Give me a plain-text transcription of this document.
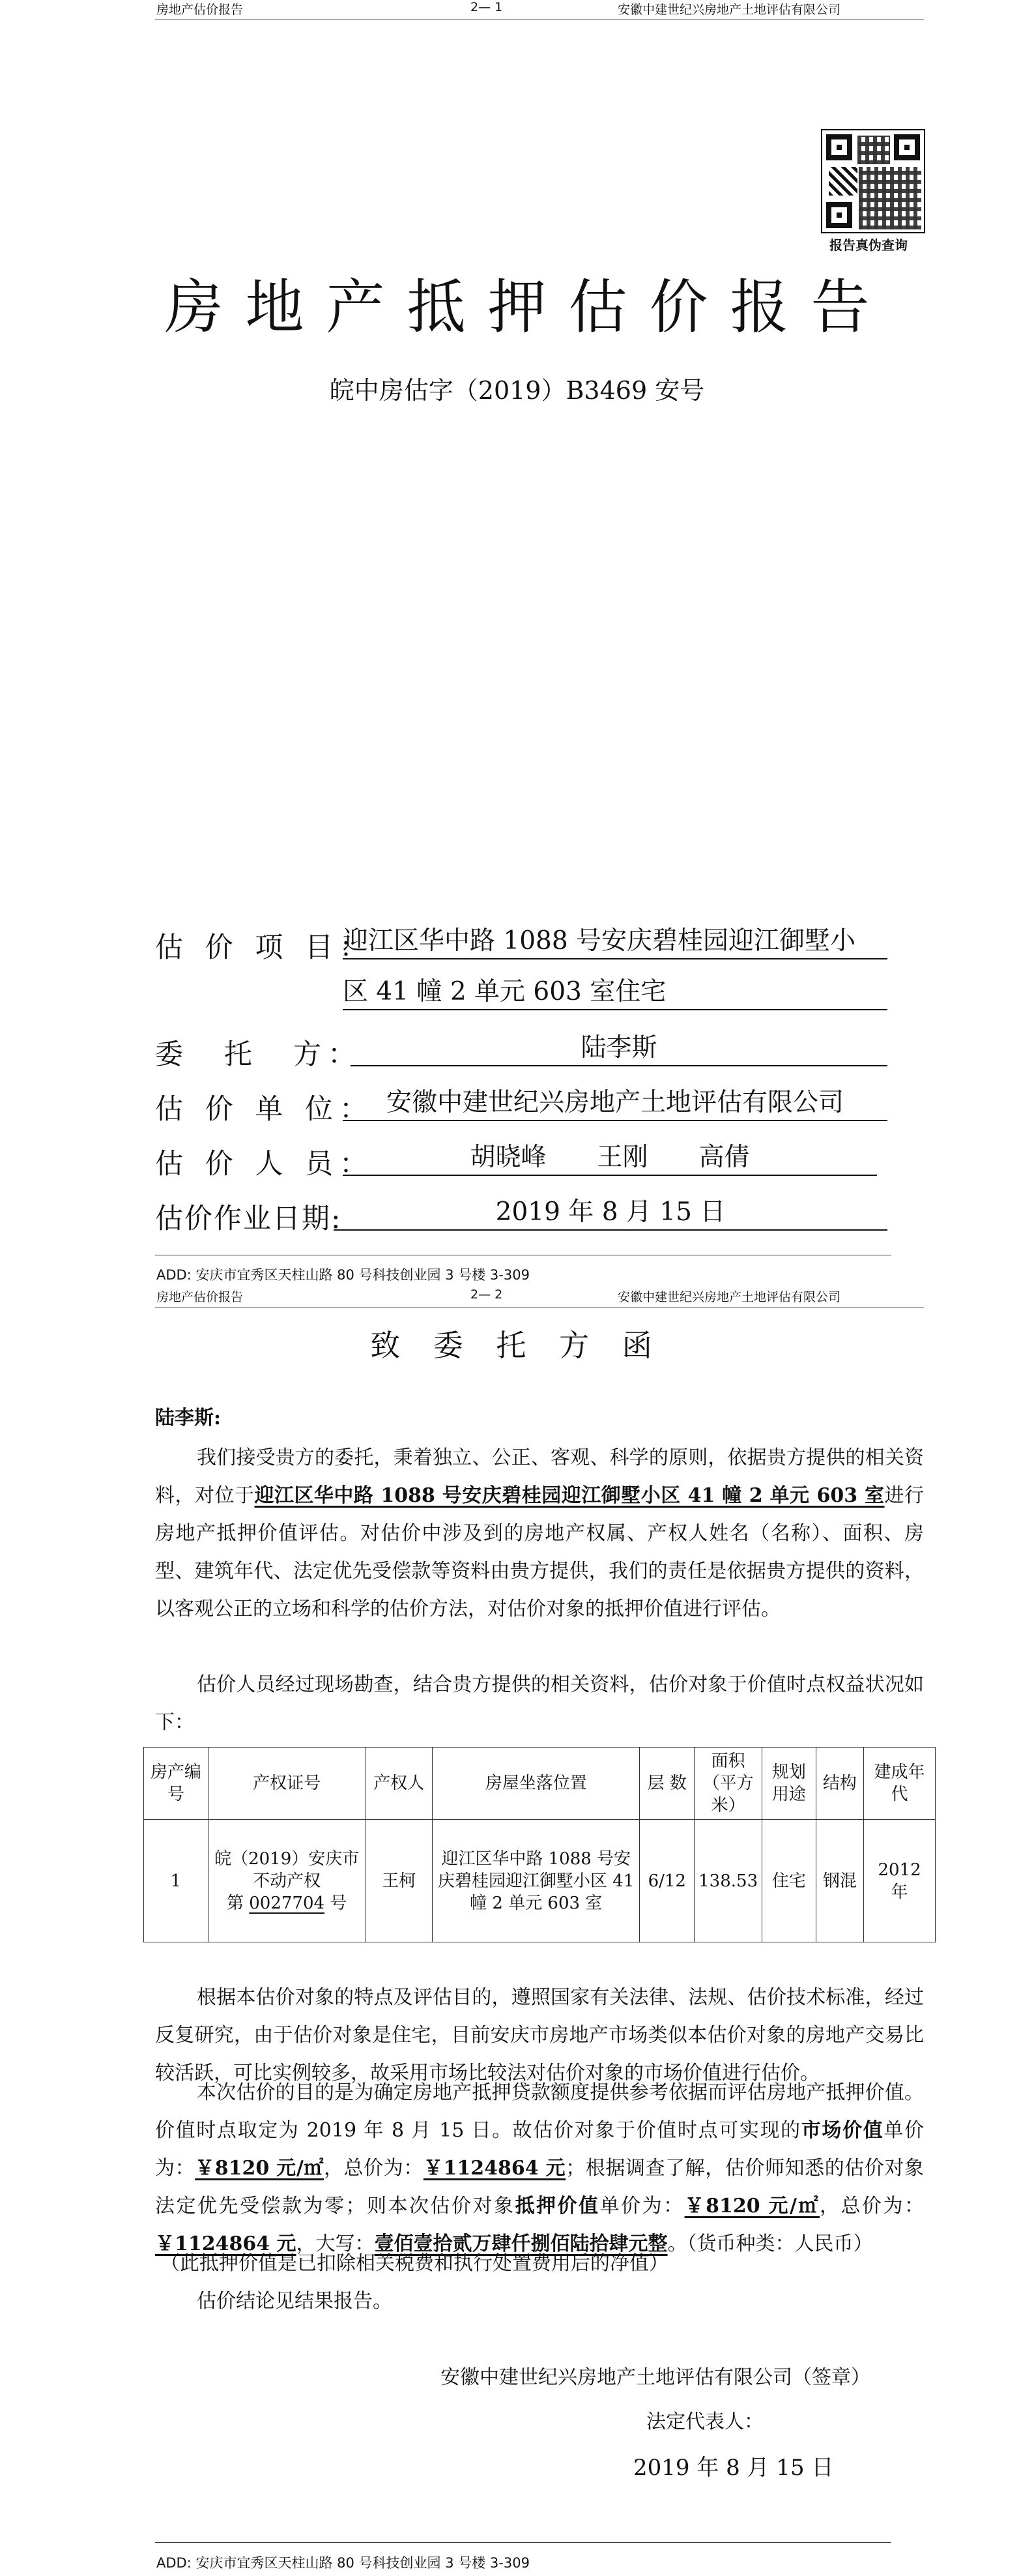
房地产估价报告	2— 1	安徽中建世纪兴房地产土地评估有限公司
报告真伪查询
房地产抵押估价报告
皖中房估字（2019）B3469 安号
估 价 项 目：
迎江区华中路 1088 号安庆碧桂园迎江御墅小
区 41 幢 2 单元 603 室住宅
委　托　方：	陆李斯
估 价 单 位： 安徽中建世纪兴房地产土地评估有限公司
估 价 人 员：	胡晓峰　　王刚　　高倩
估价作业日期:	2019 年 8 月 15 日
ADD: 安庆市宜秀区天柱山路 80 号科技创业园 3 号楼 3-309
房地产估价报告	2— 2	安徽中建世纪兴房地产土地评估有限公司
致 委 托 方 函
陆李斯:
我们接受贵方的委托，秉着独立、公正、客观、科学的原则，依据贵方提供的相关资料，对位于迎江区华中路 1088 号安庆碧桂园迎江御墅小区 41 幢 2 单元 603 室进行房地产抵押价值评估。对估价中涉及到的房地产权属、产权人姓名（名称）、面积、房型、建筑年代、法定优先受偿款等资料由贵方提供，我们的责任是依据贵方提供的资料，以客观公正的立场和科学的估价方法，对估价对象的抵押价值进行评估。
估价人员经过现场勘查，结合贵方提供的相关资料，估价对象于价值时点权益状况如下：
房产编号	产权证号	产权人	房屋坐落位置	层 数	面积（平方米）	规划用途	结构	建成年代
1	皖（2019）安庆市不动产权
第 0027704 号	王柯	迎江区华中路 1088 号安庆碧桂园迎江御墅小区 41 幢 2 单元 603 室	6/12	138.53	住宅	钢混	2012 年
根据本估价对象的特点及评估目的，遵照国家有关法律、法规、估价技术标准，经过反复研究，由于估价对象是住宅，目前安庆市房地产市场类似本估价对象的房地产交易比较活跃，可比实例较多，故采用市场比较法对估价对象的市场价值进行估价。
本次估价的目的是为确定房地产抵押贷款额度提供参考依据而评估房地产抵押价值。价值时点取定为 2019 年 8 月 15 日。故估价对象于价值时点可实现的市场价值单价为：￥8120 元/㎡，总价为：￥1124864 元；根据调查了解，估价师知悉的估价对象法定优先受偿款为零；则本次估价对象抵押价值单价为：￥8120 元/㎡，总价为：￥1124864 元，大写：壹佰壹拾贰万肆仟捌佰陆拾肆元整。（货币种类：人民币）
（此抵押价值是已扣除相关税费和执行处置费用后的净值）
估价结论见结果报告。
安徽中建世纪兴房地产土地评估有限公司（签章）
法定代表人：
2019 年 8 月 15 日
ADD: 安庆市宜秀区天柱山路 80 号科技创业园 3 号楼 3-309
